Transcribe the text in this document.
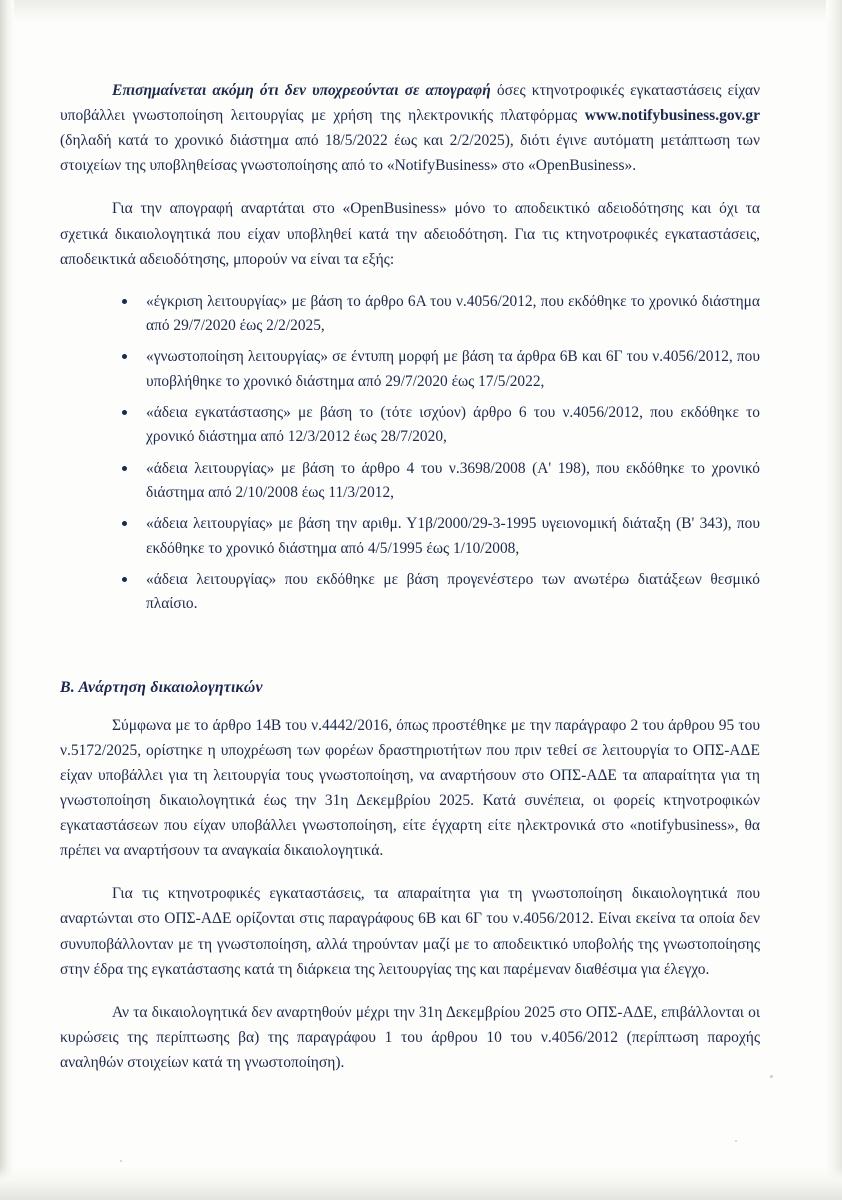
Επισημαίνεται ακόμη ότι δεν υποχρεούνται σε απογραφή όσες κτηνοτροφικές εγκαταστάσεις είχαν υποβάλλει γνωστοποίηση λειτουργίας με χρήση της ηλεκτρονικής πλατφόρμας www.notifybusiness.gov.gr (δηλαδή κατά το χρονικό διάστημα από 18/5/2022 έως και 2/2/2025), διότι έγινε αυτόματη μετάπτωση των στοιχείων της υποβληθείσας γνωστοποίησης από το «NotifyBusiness» στο «OpenBusiness».

Για την απογραφή αναρτάται στο «OpenBusiness» μόνο το αποδεικτικό αδειοδότησης και όχι τα σχετικά δικαιολογητικά που είχαν υποβληθεί κατά την αδειοδότηση. Για τις κτηνοτροφικές εγκαταστάσεις, αποδεικτικά αδειοδότησης, μπορούν να είναι τα εξής:

«έγκριση λειτουργίας» με βάση το άρθρο 6Α του ν.4056/2012, που εκδόθηκε το χρονικό διάστημα από 29/7/2020 έως 2/2/2025,
«γνωστοποίηση λειτουργίας» σε έντυπη μορφή με βάση τα άρθρα 6Β και 6Γ του ν.4056/2012, που υποβλήθηκε το χρονικό διάστημα από 29/7/2020 έως 17/5/2022,
«άδεια εγκατάστασης» με βάση το (τότε ισχύον) άρθρο 6 του ν.4056/2012, που εκδόθηκε το χρονικό διάστημα από 12/3/2012 έως 28/7/2020,
«άδεια λειτουργίας» με βάση το άρθρο 4 του ν.3698/2008 (Α' 198), που εκδόθηκε το χρονικό διάστημα από 2/10/2008 έως 11/3/2012,
«άδεια λειτουργίας» με βάση την αριθμ. Υ1β/2000/29-3-1995 υγειονομική διάταξη (Β' 343), που εκδόθηκε το χρονικό διάστημα από 4/5/1995 έως 1/10/2008,
«άδεια λειτουργίας» που εκδόθηκε με βάση προγενέστερο των ανωτέρω διατάξεων θεσμικό πλαίσιο.
Β. Ανάρτηση δικαιολογητικών

Σύμφωνα με το άρθρο 14Β του ν.4442/2016, όπως προστέθηκε με την παράγραφο 2 του άρθρου 95 του ν.5172/2025, ορίστηκε η υποχρέωση των φορέων δραστηριοτήτων που πριν τεθεί σε λειτουργία το ΟΠΣ-ΑΔΕ είχαν υποβάλλει για τη λειτουργία τους γνωστοποίηση, να αναρτήσουν στο ΟΠΣ-ΑΔΕ τα απαραίτητα για τη γνωστοποίηση δικαιολογητικά έως την 31η Δεκεμβρίου 2025. Κατά συνέπεια, οι φορείς κτηνοτροφικών εγκαταστάσεων που είχαν υποβάλλει γνωστοποίηση, είτε έγχαρτη είτε ηλεκτρονικά στο «notifybusiness», θα πρέπει να αναρτήσουν τα αναγκαία δικαιολογητικά.

Για τις κτηνοτροφικές εγκαταστάσεις, τα απαραίτητα για τη γνωστοποίηση δικαιολογητικά που αναρτώνται στο ΟΠΣ-ΑΔΕ ορίζονται στις παραγράφους 6Β και 6Γ του ν.4056/2012. Είναι εκείνα τα οποία δεν συνυποβάλλονταν με τη γνωστοποίηση, αλλά τηρούνταν μαζί με το αποδεικτικό υποβολής της γνωστοποίησης στην έδρα της εγκατάστασης κατά τη διάρκεια της λειτουργίας της και παρέμεναν διαθέσιμα για έλεγχο.

Αν τα δικαιολογητικά δεν αναρτηθούν μέχρι την 31η Δεκεμβρίου 2025 στο ΟΠΣ-ΑΔΕ, επιβάλλονται οι κυρώσεις της περίπτωσης βα) της παραγράφου 1 του άρθρου 10 του ν.4056/2012 (περίπτωση παροχής αναληθών στοιχείων κατά τη γνωστοποίηση).
